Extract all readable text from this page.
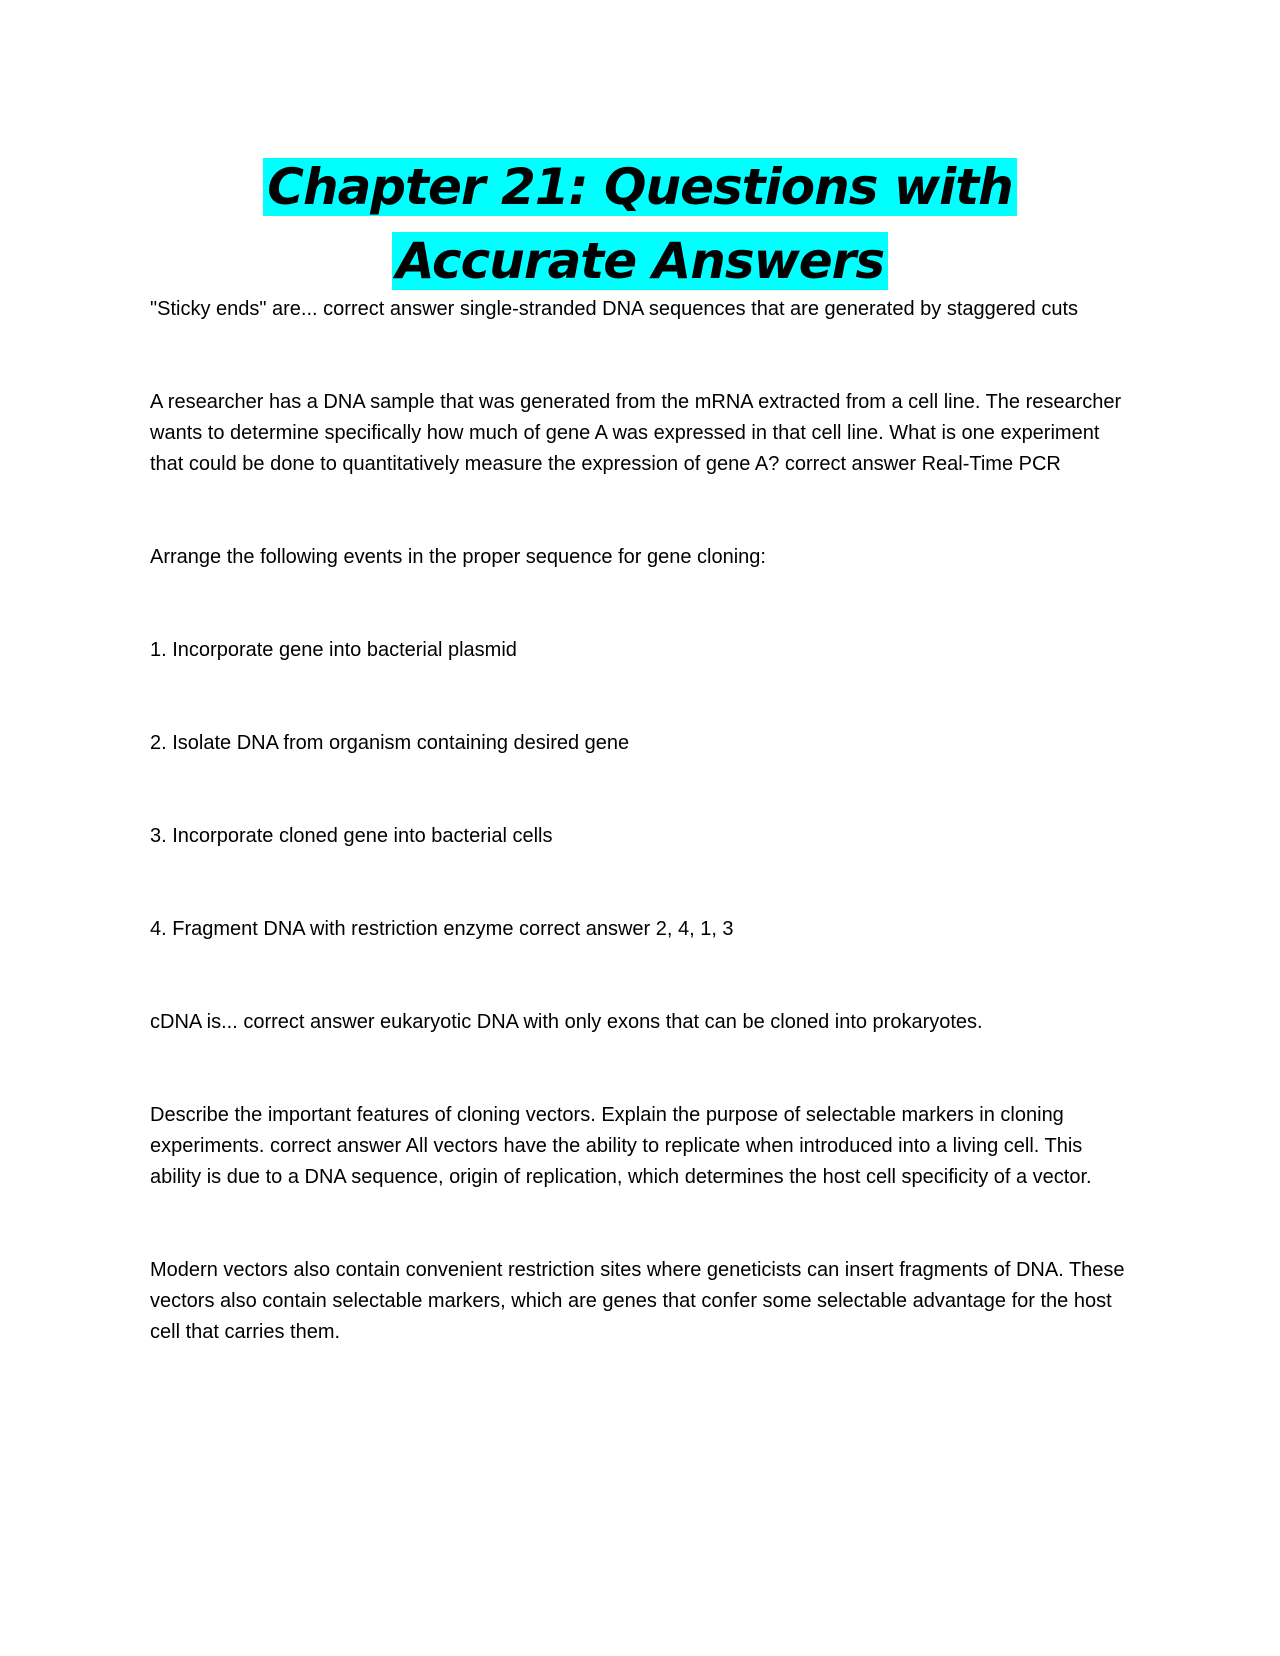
Chapter 21: Questions with Accurate Answers

"Sticky ends" are... correct answer single-stranded DNA sequences that are generated by staggered cuts

A researcher has a DNA sample that was generated from the mRNA extracted from a cell line. The researcher wants to determine specifically how much of gene A was expressed in that cell line. What is one experiment that could be done to quantitatively measure the expression of gene A? correct answer Real-Time PCR

Arrange the following events in the proper sequence for gene cloning:

1. Incorporate gene into bacterial plasmid

2. Isolate DNA from organism containing desired gene

3. Incorporate cloned gene into bacterial cells

4. Fragment DNA with restriction enzyme correct answer 2, 4, 1, 3

cDNA is... correct answer eukaryotic DNA with only exons that can be cloned into prokaryotes.

Describe the important features of cloning vectors. Explain the purpose of selectable markers in cloning experiments. correct answer All vectors have the ability to replicate when introduced into a living cell. This ability is due to a DNA sequence, origin of replication, which determines the host cell specificity of a vector.

Modern vectors also contain convenient restriction sites where geneticists can insert fragments of DNA. These vectors also contain selectable markers, which are genes that confer some selectable advantage for the host cell that carries them.
